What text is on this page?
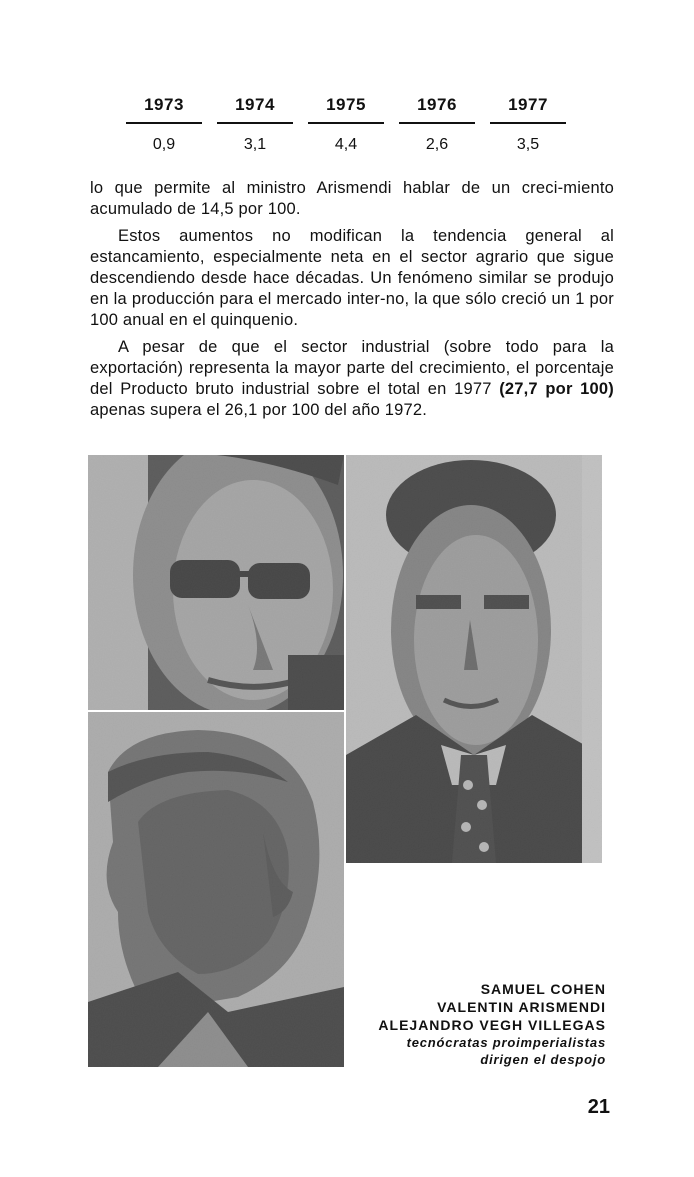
1973
0,9
1974
3,1
1975
4,4
1976
2,6
1977
3,5

lo que permite al ministro Arismendi hablar de un creci-miento acumulado de 14,5 por 100.

Estos aumentos no modifican la tendencia general al estancamiento, especialmente neta en el sector agrario que sigue descendiendo desde hace décadas. Un fenómeno similar se produjo en la producción para el mercado inter-no, la que sólo creció un 1 por 100 anual en el quinquenio.

A pesar de que el sector industrial (sobre todo para la exportación) representa la mayor parte del crecimiento, el porcentaje del Producto bruto industrial sobre el total en 1977 (27,7 por 100) apenas supera el 26,1 por 100 del año 1972.

SAMUEL COHEN
VALENTIN ARISMENDI
ALEJANDRO VEGH VILLEGAS
tecnócratas proimperialistas
dirigen el despojo
21
